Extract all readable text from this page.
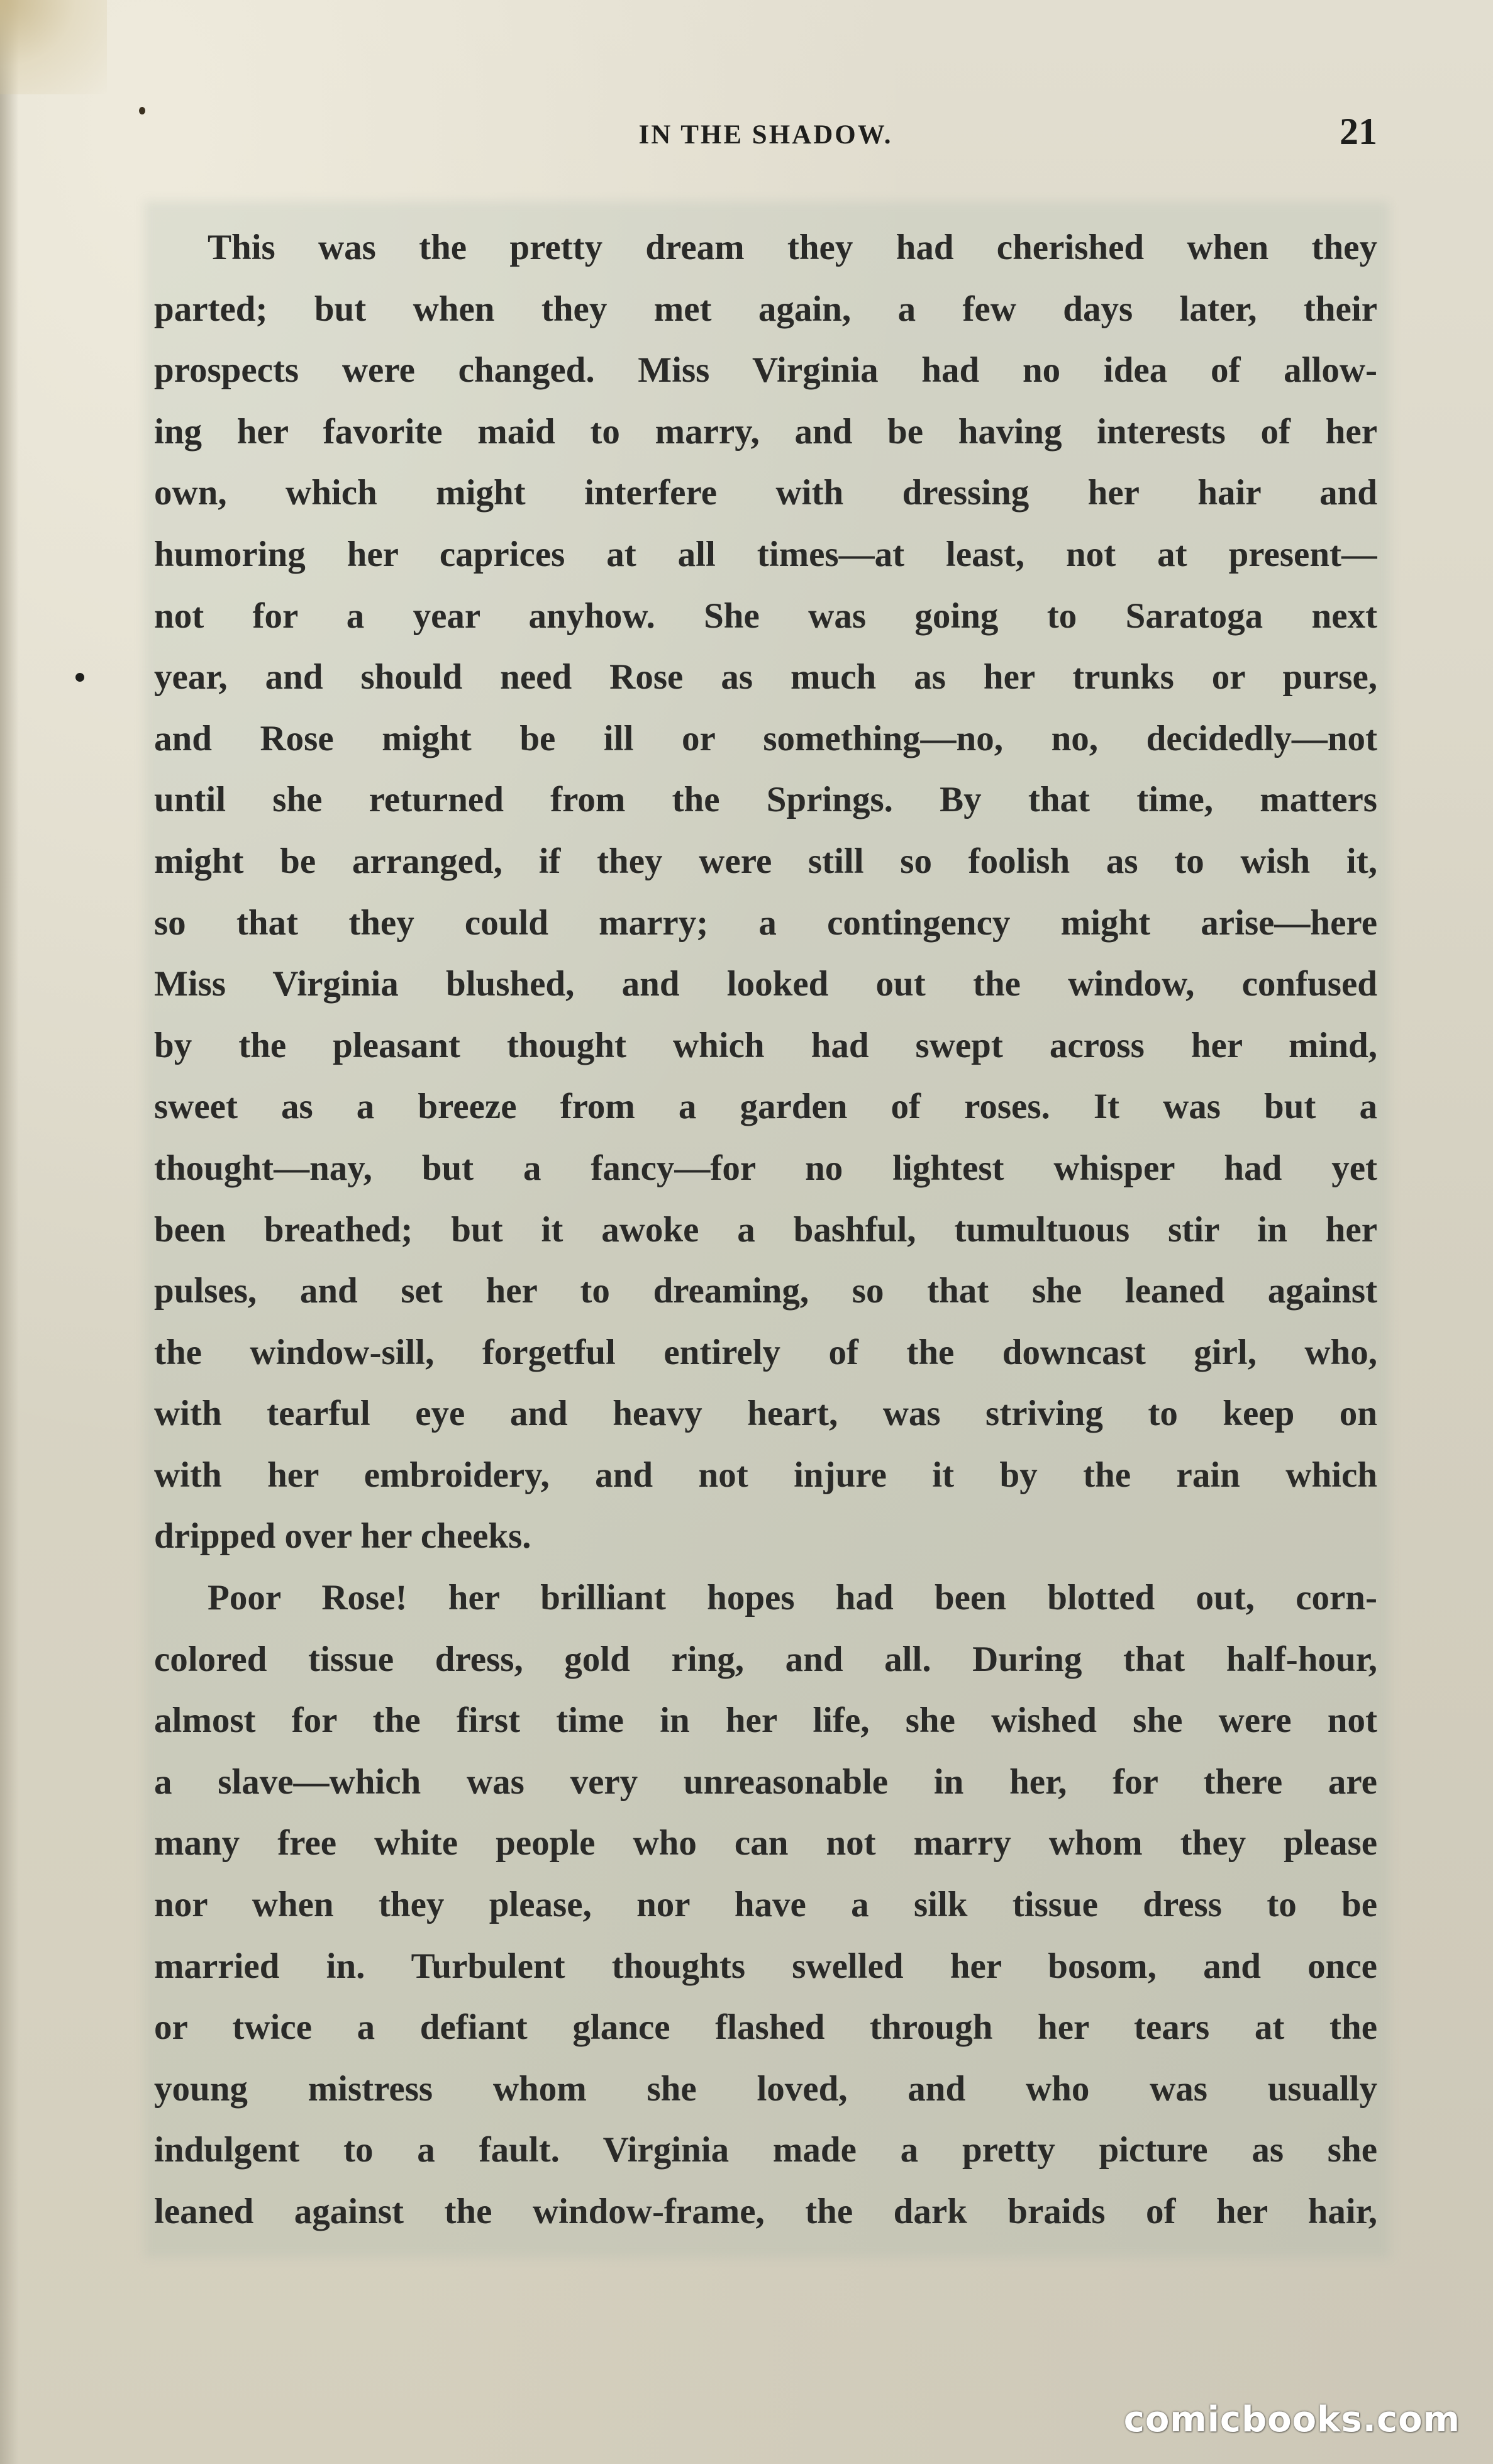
IN THE SHADOW.	21
This was the pretty dream they had cherished when they
parted; but when they met again, a few days later, their
prospects were changed. Miss Virginia had no idea of allow-
ing her favorite maid to marry, and be having interests of her
own, which might interfere with dressing her hair and
humoring her caprices at all times—at least, not at present—
not for a year anyhow. She was going to Saratoga next
year, and should need Rose as much as her trunks or purse,
and Rose might be ill or something—no, no, decidedly—not
until she returned from the Springs. By that time, matters
might be arranged, if they were still so foolish as to wish it,
so that they could marry; a contingency might arise—here
Miss Virginia blushed, and looked out the window, confused
by the pleasant thought which had swept across her mind,
sweet as a breeze from a garden of roses. It was but a
thought—nay, but a fancy—for no lightest whisper had yet
been breathed; but it awoke a bashful, tumultuous stir in her
pulses, and set her to dreaming, so that she leaned against
the window-sill, forgetful entirely of the downcast girl, who,
with tearful eye and heavy heart, was striving to keep on
with her embroidery, and not injure it by the rain which
dripped over her cheeks.
Poor Rose! her brilliant hopes had been blotted out, corn-
colored tissue dress, gold ring, and all. During that half-hour,
almost for the first time in her life, she wished she were not
a slave—which was very unreasonable in her, for there are
many free white people who can not marry whom they please
nor when they please, nor have a silk tissue dress to be
married in. Turbulent thoughts swelled her bosom, and once
or twice a defiant glance flashed through her tears at the
young mistress whom she loved, and who was usually
indulgent to a fault. Virginia made a pretty picture as she
leaned against the window-frame, the dark braids of her hair,
comicbooks.com
